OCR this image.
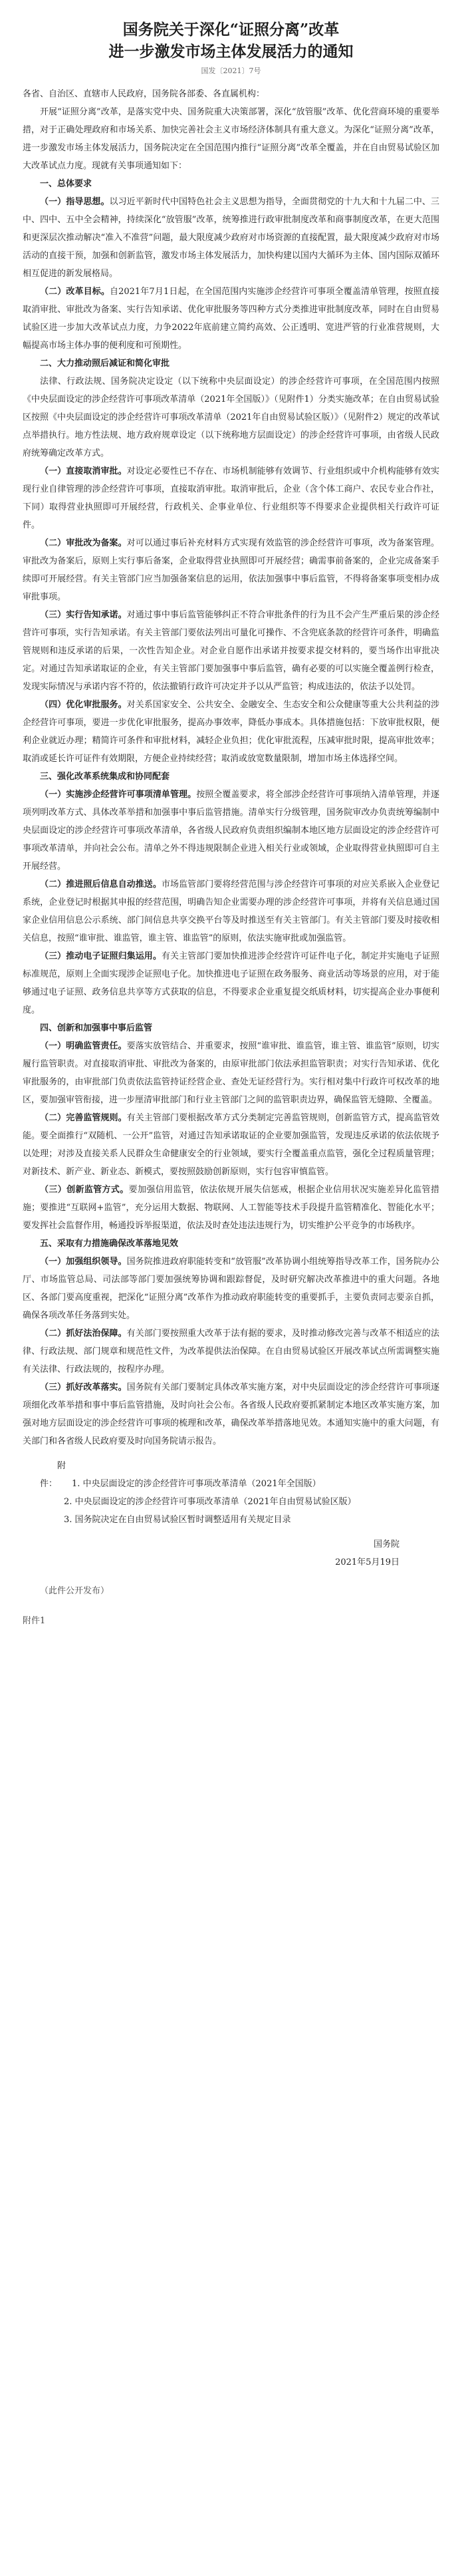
国务院关于深化“证照分离”改革
进一步激发市场主体发展活力的通知
国发〔2021〕7号

各省、自治区、直辖市人民政府，国务院各部委、各直属机构：

开展“证照分离”改革，是落实党中央、国务院重大决策部署，深化“放管服”改革、优化营商环境的重要举措，对于正确处理政府和市场关系、加快完善社会主义市场经济体制具有重大意义。为深化“证照分离”改革，进一步激发市场主体发展活力，国务院决定在全国范围内推行“证照分离”改革全覆盖，并在自由贸易试验区加大改革试点力度。现就有关事项通知如下：

一、总体要求

（一）指导思想。以习近平新时代中国特色社会主义思想为指导，全面贯彻党的十九大和十九届二中、三中、四中、五中全会精神，持续深化“放管服”改革，统筹推进行政审批制度改革和商事制度改革，在更大范围和更深层次推动解决“准入不准营”问题，最大限度减少政府对市场资源的直接配置，最大限度减少政府对市场活动的直接干预，加强和创新监管，激发市场主体发展活力，加快构建以国内大循环为主体、国内国际双循环相互促进的新发展格局。

（二）改革目标。自2021年7月1日起，在全国范围内实施涉企经营许可事项全覆盖清单管理，按照直接取消审批、审批改为备案、实行告知承诺、优化审批服务等四种方式分类推进审批制度改革，同时在自由贸易试验区进一步加大改革试点力度，力争2022年底前建立简约高效、公正透明、宽进严管的行业准营规则，大幅提高市场主体办事的便利度和可预期性。

二、大力推动照后减证和简化审批

法律、行政法规、国务院决定设定（以下统称中央层面设定）的涉企经营许可事项，在全国范围内按照《中央层面设定的涉企经营许可事项改革清单（2021年全国版）》（见附件1）分类实施改革；在自由贸易试验区按照《中央层面设定的涉企经营许可事项改革清单（2021年自由贸易试验区版）》（见附件2）规定的改革试点举措执行。地方性法规、地方政府规章设定（以下统称地方层面设定）的涉企经营许可事项，由省级人民政府统筹确定改革方式。

（一）直接取消审批。对设定必要性已不存在、市场机制能够有效调节、行业组织或中介机构能够有效实现行业自律管理的涉企经营许可事项，直接取消审批。取消审批后，企业（含个体工商户、农民专业合作社，下同）取得营业执照即可开展经营，行政机关、企事业单位、行业组织等不得要求企业提供相关行政许可证件。

（二）审批改为备案。对可以通过事后补充材料方式实现有效监管的涉企经营许可事项，改为备案管理。审批改为备案后，原则上实行事后备案，企业取得营业执照即可开展经营；确需事前备案的，企业完成备案手续即可开展经营。有关主管部门应当加强备案信息的运用，依法加强事中事后监管，不得将备案事项变相办成审批事项。

（三）实行告知承诺。对通过事中事后监管能够纠正不符合审批条件的行为且不会产生严重后果的涉企经营许可事项，实行告知承诺。有关主管部门要依法列出可量化可操作、不含兜底条款的经营许可条件，明确监管规则和违反承诺的后果，一次性告知企业。对企业自愿作出承诺并按要求提交材料的，要当场作出审批决定。对通过告知承诺取证的企业，有关主管部门要加强事中事后监管，确有必要的可以实施全覆盖例行检查，发现实际情况与承诺内容不符的，依法撤销行政许可决定并予以从严监管；构成违法的，依法予以处罚。

（四）优化审批服务。对关系国家安全、公共安全、金融安全、生态安全和公众健康等重大公共利益的涉企经营许可事项，要进一步优化审批服务，提高办事效率，降低办事成本。具体措施包括：下放审批权限，便利企业就近办理；精简许可条件和审批材料，减轻企业负担；优化审批流程，压减审批时限，提高审批效率；取消或延长许可证件有效期限，方便企业持续经营；取消或放宽数量限制，增加市场主体选择空间。

三、强化改革系统集成和协同配套

（一）实施涉企经营许可事项清单管理。按照全覆盖要求，将全部涉企经营许可事项纳入清单管理，并逐项列明改革方式、具体改革举措和加强事中事后监管措施。清单实行分级管理，国务院审改办负责统筹编制中央层面设定的涉企经营许可事项改革清单，各省级人民政府负责组织编制本地区地方层面设定的涉企经营许可事项改革清单，并向社会公布。清单之外不得违规限制企业进入相关行业或领域，企业取得营业执照即可自主开展经营。

（二）推进照后信息自动推送。市场监管部门要将经营范围与涉企经营许可事项的对应关系嵌入企业登记系统，企业登记时根据其申报的经营范围，明确告知企业需要办理的涉企经营许可事项，并将有关信息通过国家企业信用信息公示系统、部门间信息共享交换平台等及时推送至有关主管部门。有关主管部门要及时接收相关信息，按照“谁审批、谁监管，谁主管、谁监管”的原则，依法实施审批或加强监管。

（三）推动电子证照归集运用。有关主管部门要加快推进涉企经营许可证件电子化，制定并实施电子证照标准规范，原则上全面实现涉企证照电子化。加快推进电子证照在政务服务、商业活动等场景的应用，对于能够通过电子证照、政务信息共享等方式获取的信息，不得要求企业重复提交纸质材料，切实提高企业办事便利度。

四、创新和加强事中事后监管

（一）明确监管责任。要落实放管结合、并重要求，按照“谁审批、谁监管，谁主管、谁监管”原则，切实履行监管职责。对直接取消审批、审批改为备案的，由原审批部门依法承担监管职责；对实行告知承诺、优化审批服务的，由审批部门负责依法监管持证经营企业、查处无证经营行为。实行相对集中行政许可权改革的地区，要加强审管衔接，进一步厘清审批部门和行业主管部门之间的监管职责边界，确保监管无缝隙、全覆盖。

（二）完善监管规则。有关主管部门要根据改革方式分类制定完善监管规则，创新监管方式，提高监管效能。要全面推行“双随机、一公开”监管，对通过告知承诺取证的企业要加强监管，发现违反承诺的依法依规予以处理；对涉及直接关系人民群众生命健康安全的行业领域，要实行全覆盖重点监管，强化全过程质量管理；对新技术、新产业、新业态、新模式，要按照鼓励创新原则，实行包容审慎监管。

（三）创新监管方式。要加强信用监管，依法依规开展失信惩戒，根据企业信用状况实施差异化监管措施；要推进“互联网+监管”，充分运用大数据、物联网、人工智能等技术手段提升监管精准化、智能化水平；要发挥社会监督作用，畅通投诉举报渠道，依法及时查处违法违规行为，切实维护公平竞争的市场秩序。

五、采取有力措施确保改革落地见效

（一）加强组织领导。国务院推进政府职能转变和“放管服”改革协调小组统筹指导改革工作，国务院办公厅、市场监管总局、司法部等部门要加强统筹协调和跟踪督促，及时研究解决改革推进中的重大问题。各地区、各部门要高度重视，把深化“证照分离”改革作为推动政府职能转变的重要抓手，主要负责同志要亲自抓，确保各项改革任务落到实处。

（二）抓好法治保障。有关部门要按照重大改革于法有据的要求，及时推动修改完善与改革不相适应的法律、行政法规、部门规章和规范性文件，为改革提供法治保障。在自由贸易试验区开展改革试点所需调整实施有关法律、行政法规的，按程序办理。

（三）抓好改革落实。国务院有关部门要制定具体改革实施方案，对中央层面设定的涉企经营许可事项逐项细化改革举措和事中事后监管措施，及时向社会公布。各省级人民政府要抓紧制定本地区改革实施方案，加强对地方层面设定的涉企经营许可事项的梳理和改革，确保改革举措落地见效。本通知实施中的重大问题，有关部门和各省级人民政府要及时向国务院请示报告。

附件： 1. 中央层面设定的涉企经营许可事项改革清单（2021年全国版）

2. 中央层面设定的涉企经营许可事项改革清单（2021年自由贸易试验区版）

3. 国务院决定在自由贸易试验区暂时调整适用有关规定目录

国务院
2021年5月19日

（此件公开发布）

附件1
